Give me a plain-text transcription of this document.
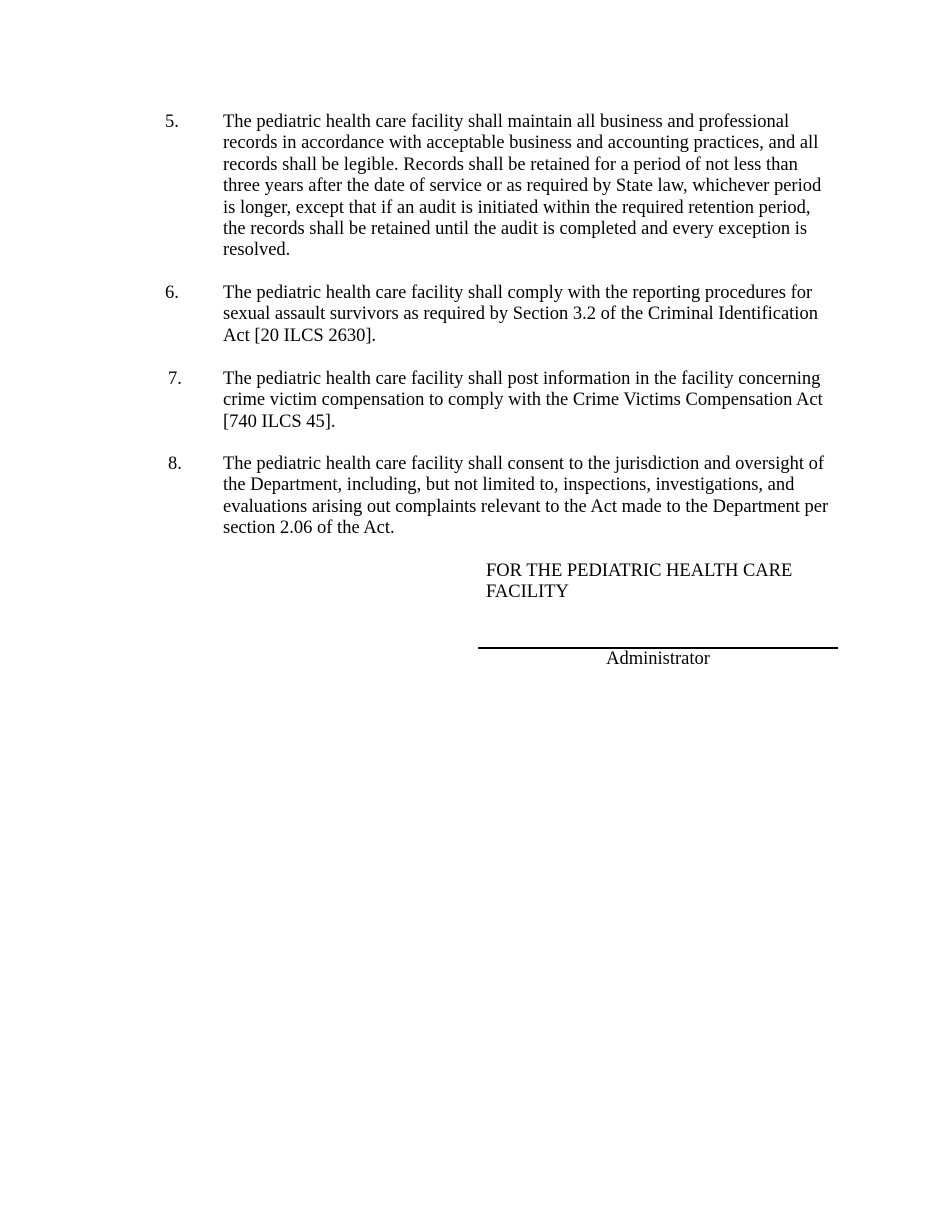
5. The pediatric health care facility shall maintain all business and professional
records in accordance with acceptable business and accounting practices, and all
records shall be legible. Records shall be retained for a period of not less than
three years after the date of service or as required by State law, whichever period
is longer, except that if an audit is initiated within the required retention period,
the records shall be retained until the audit is completed and every exception is
resolved.
6. The pediatric health care facility shall comply with the reporting procedures for
sexual assault survivors as required by Section 3.2 of the Criminal Identification
Act [20 ILCS 2630].
7. The pediatric health care facility shall post information in the facility concerning
crime victim compensation to comply with the Crime Victims Compensation Act
[740 ILCS 45].
8. The pediatric health care facility shall consent to the jurisdiction and oversight of
the Department, including, but not limited to, inspections, investigations, and
evaluations arising out complaints relevant to the Act made to the Department per
section 2.06 of the Act.
FOR THE PEDIATRIC HEALTH CARE
FACILITY
Administrator
